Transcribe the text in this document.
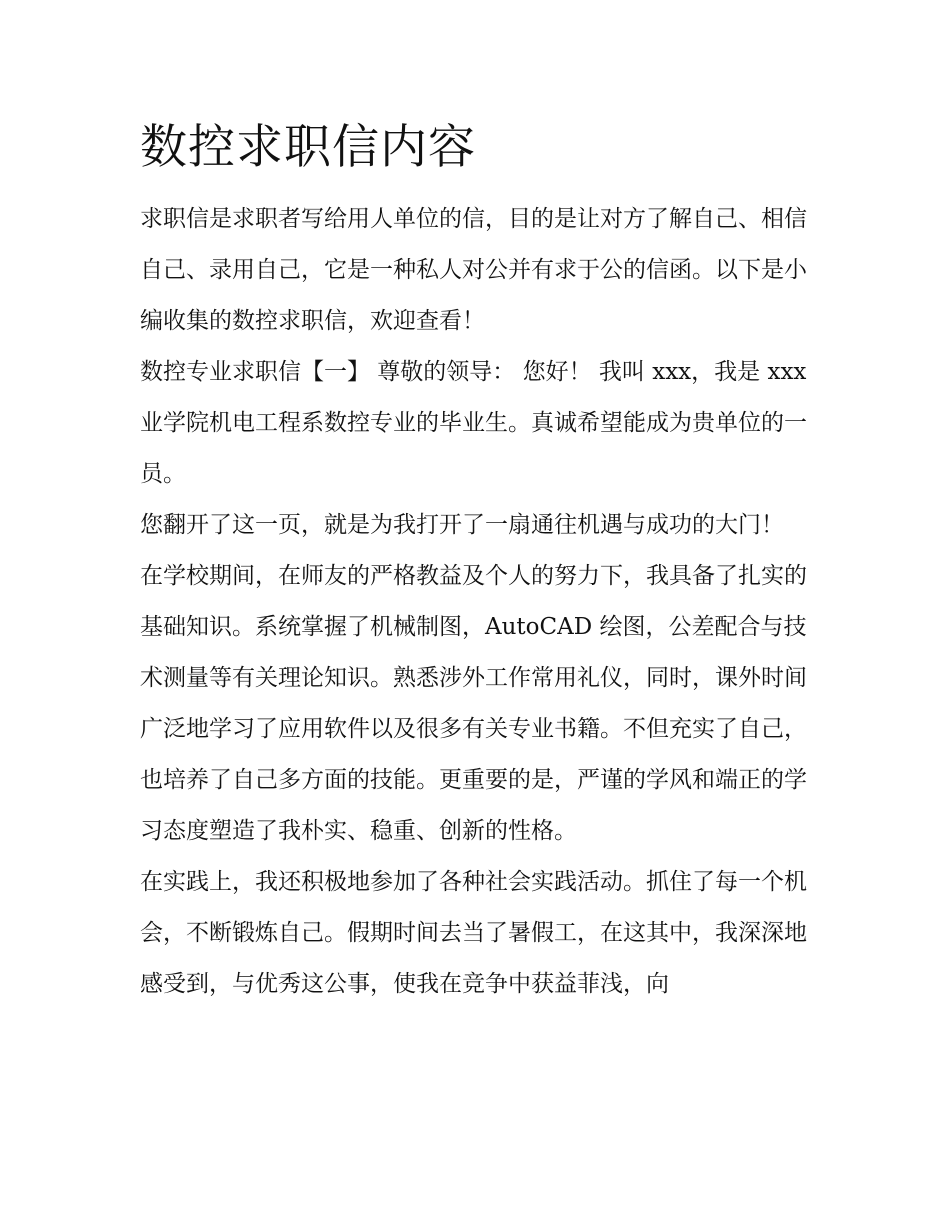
数控求职信内容

求职信是求职者写给用人单位的信，目的是让对方了解自己、相信自己、录用自己，它是一种私人对公并有求于公的信函。以下是小编收集的数控求职信，欢迎查看！

数控专业求职信【一】 尊敬的领导： 您好！ 我叫 xxx，我是 xxx 业学院机电工程系数控专业的毕业生。真诚希望能成为贵单位的一员。

您翻开了这一页，就是为我打开了一扇通往机遇与成功的大门！

在学校期间，在师友的严格教益及个人的努力下，我具备了扎实的基础知识。系统掌握了机械制图，AutoCAD 绘图，公差配合与技术测量等有关理论知识。熟悉涉外工作常用礼仪，同时，课外时间广泛地学习了应用软件以及很多有关专业书籍。不但充实了自己，也培养了自己多方面的技能。更重要的是，严谨的学风和端正的学习态度塑造了我朴实、稳重、创新的性格。

在实践上，我还积极地参加了各种社会实践活动。抓住了每一个机会，不断锻炼自己。假期时间去当了暑假工，在这其中，我深深地感受到，与优秀这公事，使我在竞争中获益菲浅，向
